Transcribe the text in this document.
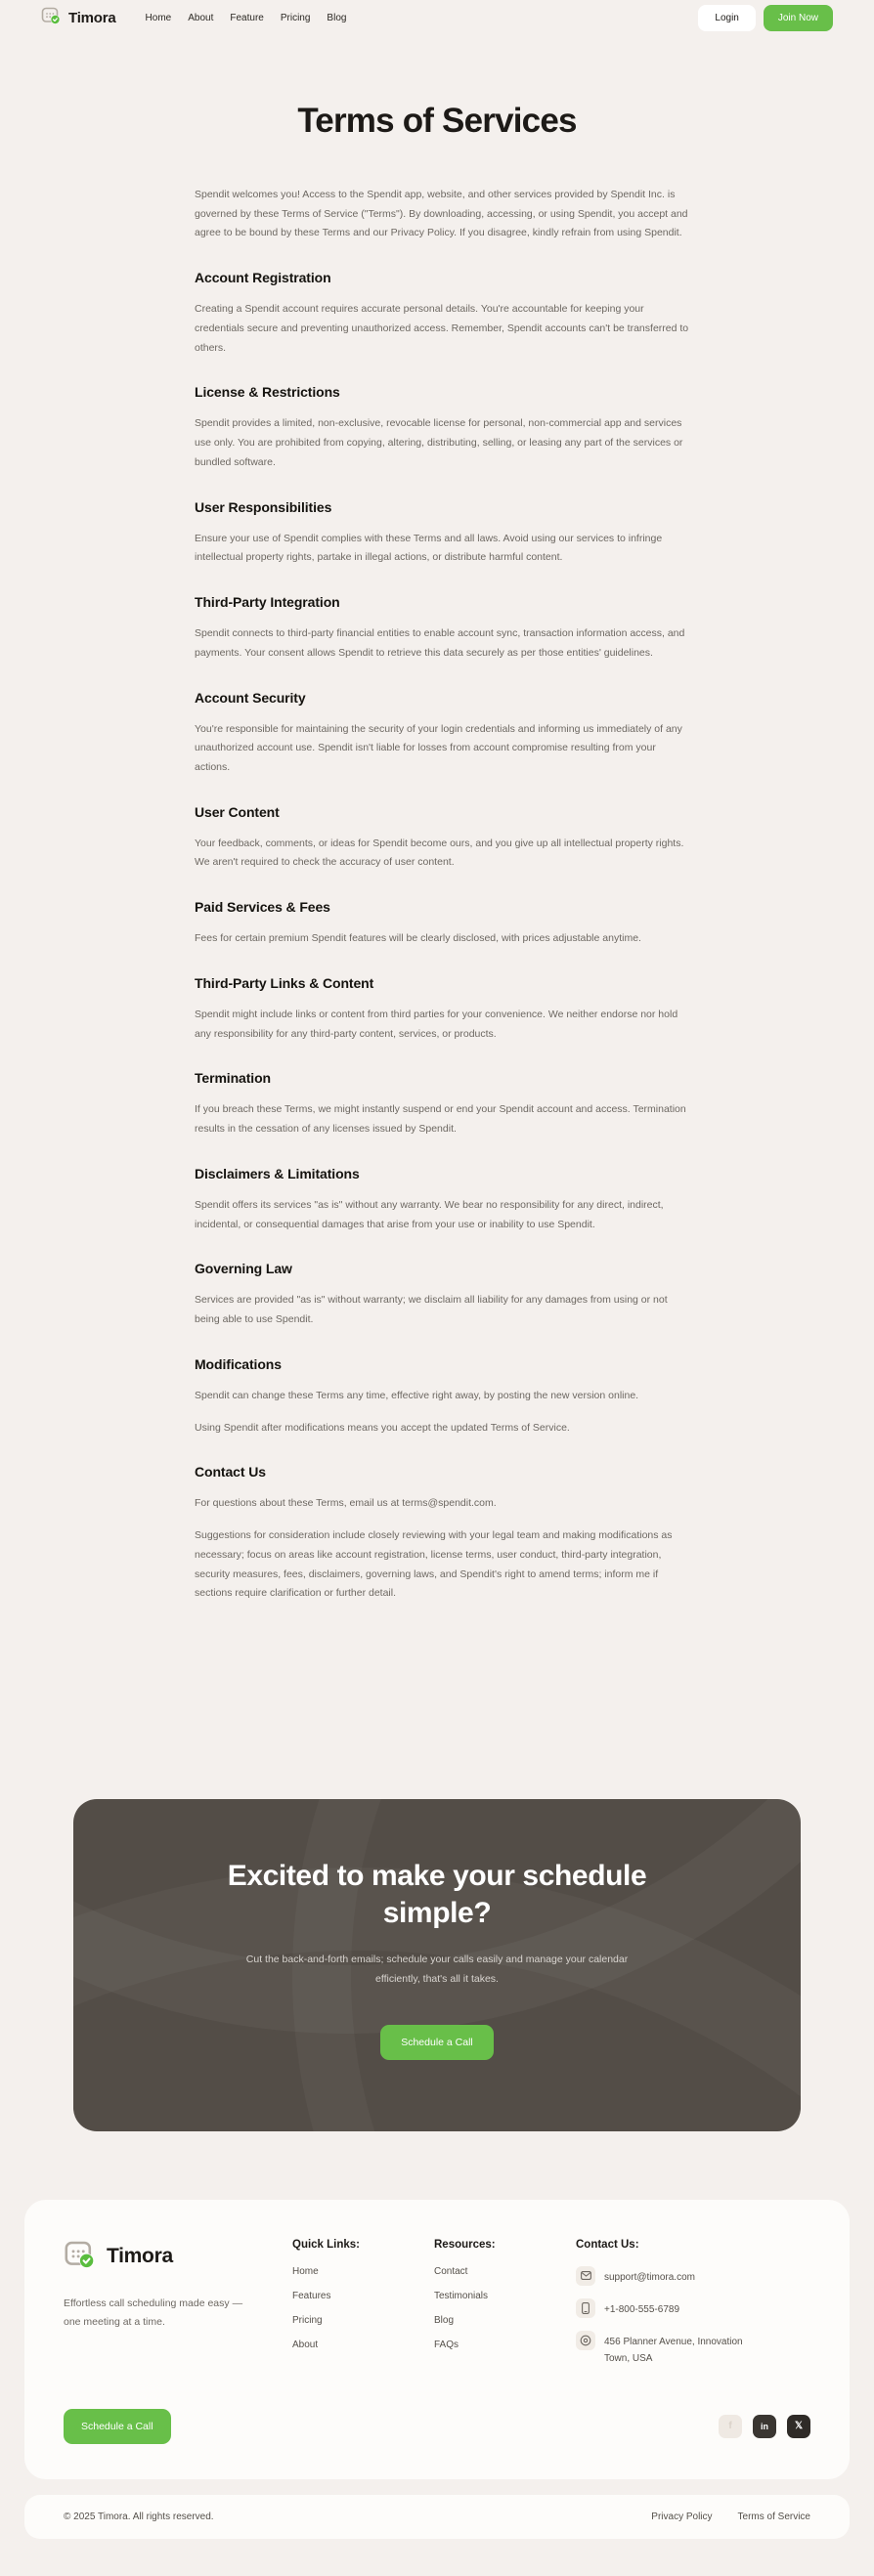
Timora	Home About Feature Pricing Blog	Login	Join Now
Terms of Services

Spendit welcomes you! Access to the Spendit app, website, and other services provided by Spendit Inc. is governed by these Terms of Service ("Terms"). By downloading, accessing, or using Spendit, you accept and agree to be bound by these Terms and our Privacy Policy. If you disagree, kindly refrain from using Spendit.

Account Registration

Creating a Spendit account requires accurate personal details. You're accountable for keeping your credentials secure and preventing unauthorized access. Remember, Spendit accounts can't be transferred to others.

License & Restrictions

Spendit provides a limited, non-exclusive, revocable license for personal, non-commercial app and services use only. You are prohibited from copying, altering, distributing, selling, or leasing any part of the services or bundled software.

User Responsibilities

Ensure your use of Spendit complies with these Terms and all laws. Avoid using our services to infringe intellectual property rights, partake in illegal actions, or distribute harmful content.

Third-Party Integration

Spendit connects to third-party financial entities to enable account sync, transaction information access, and payments. Your consent allows Spendit to retrieve this data securely as per those entities' guidelines.

Account Security

You're responsible for maintaining the security of your login credentials and informing us immediately of any unauthorized account use. Spendit isn't liable for losses from account compromise resulting from your actions.

User Content

Your feedback, comments, or ideas for Spendit become ours, and you give up all intellectual property rights. We aren't required to check the accuracy of user content.

Paid Services & Fees

Fees for certain premium Spendit features will be clearly disclosed, with prices adjustable anytime.

Third-Party Links & Content

Spendit might include links or content from third parties for your convenience. We neither endorse nor hold any responsibility for any third-party content, services, or products.

Termination

If you breach these Terms, we might instantly suspend or end your Spendit account and access. Termination results in the cessation of any licenses issued by Spendit.

Disclaimers & Limitations

Spendit offers its services "as is" without any warranty. We bear no responsibility for any direct, indirect, incidental, or consequential damages that arise from your use or inability to use Spendit.

Governing Law

Services are provided "as is" without warranty; we disclaim all liability for any damages from using or not being able to use Spendit.

Modifications

Spendit can change these Terms any time, effective right away, by posting the new version online.

Using Spendit after modifications means you accept the updated Terms of Service.

Contact Us

For questions about these Terms, email us at terms@spendit.com.

Suggestions for consideration include closely reviewing with your legal team and making modifications as necessary; focus on areas like account registration, license terms, user conduct, third-party integration, security measures, fees, disclaimers, governing laws, and Spendit's right to amend terms; inform me if sections require clarification or further detail.

Excited to make your schedule simple?

Cut the back-and-forth emails; schedule your calls easily and manage your calendar efficiently, that's all it takes.

Schedule a Call
Timora

Effortless call scheduling made easy — one meeting at a time.

Quick Links:
Home
Features
Pricing
About
Resources:
Contact
Testimonials
Blog
FAQs
Contact Us:
support@timora.com
+1-800-555-6789
456 Planner Avenue, Innovation Town, USA
Schedule a Call	f	in	𝕏
© 2025 Timora. All rights reserved.	Privacy Policy	Terms of Service
